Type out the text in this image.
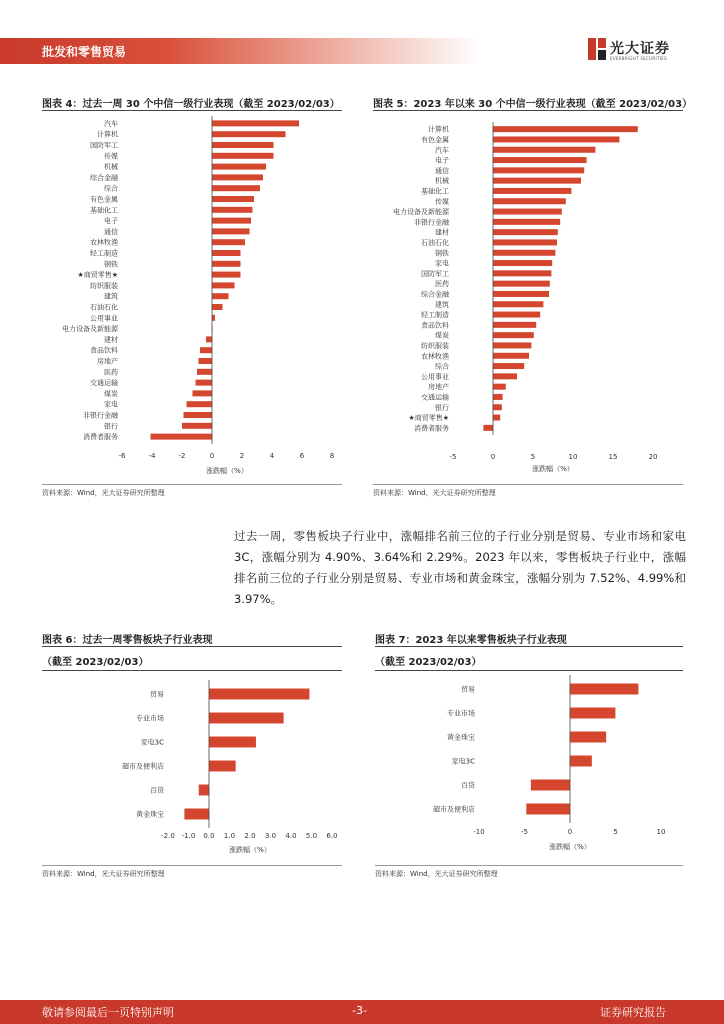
批发和零售贸易	光大证券
EVERBRIGHT SECURITIES
图表 4：过去一周 30 个中信一级行业表现（截至 2023/02/03）
汽车
计算机
国防军工
传媒
机械
综合金融
综合
有色金属
基础化工
电子
通信
农林牧渔
轻工制造
钢铁
★商贸零售★
纺织服装
建筑
石油石化
公用事业
电力设备及新能源
建材
食品饮料
房地产
医药
交通运输
煤炭
家电
非银行金融
银行
消费者服务
-6	-4	-2	0	2	4	6	8
涨跌幅（%）
资料来源：Wind，光大证券研究所整理
图表 5：2023 年以来 30 个中信一级行业表现（截至 2023/02/03）
计算机
有色金属
汽车
电子
通信
机械
基础化工
传媒
电力设备及新能源
非银行金融
建材
石油石化
钢铁
家电
国防军工
医药
综合金融
建筑
轻工制造
食品饮料
煤炭
纺织服装
农林牧渔
综合
公用事业
房地产
交通运输
银行
★商贸零售★
消费者服务
-5	0	5	10	15	20
涨跌幅（%）
资料来源：Wind，光大证券研究所整理
过去一周，零售板块子行业中，涨幅排名前三位的子行业分别是贸易、专业市场和家电 3C，涨幅分别为 4.90%、3.64%和 2.29%。2023 年以来，零售板块子行业中，涨幅排名前三位的子行业分别是贸易、专业市场和黄金珠宝，涨幅分别为 7.52%、4.99%和 3.97%。
图表 6：过去一周零售板块子行业表现
（截至 2023/02/03）
贸易
专业市场
家电3C
超市及便利店
百货
黄金珠宝
-2.0 -1.0 0.0 1.0 2.0 3.0 4.0 5.0 6.0
涨跌幅（%）
资料来源：Wind，光大证券研究所整理
图表 7：2023 年以来零售板块子行业表现
（截至 2023/02/03）
贸易
专业市场
黄金珠宝
家电3C
百货
超市及便利店
-10	-5	0	5	10
涨跌幅（%）
资料来源：Wind，光大证券研究所整理
敬请参阅最后一页特别声明	-3-	证券研究报告
